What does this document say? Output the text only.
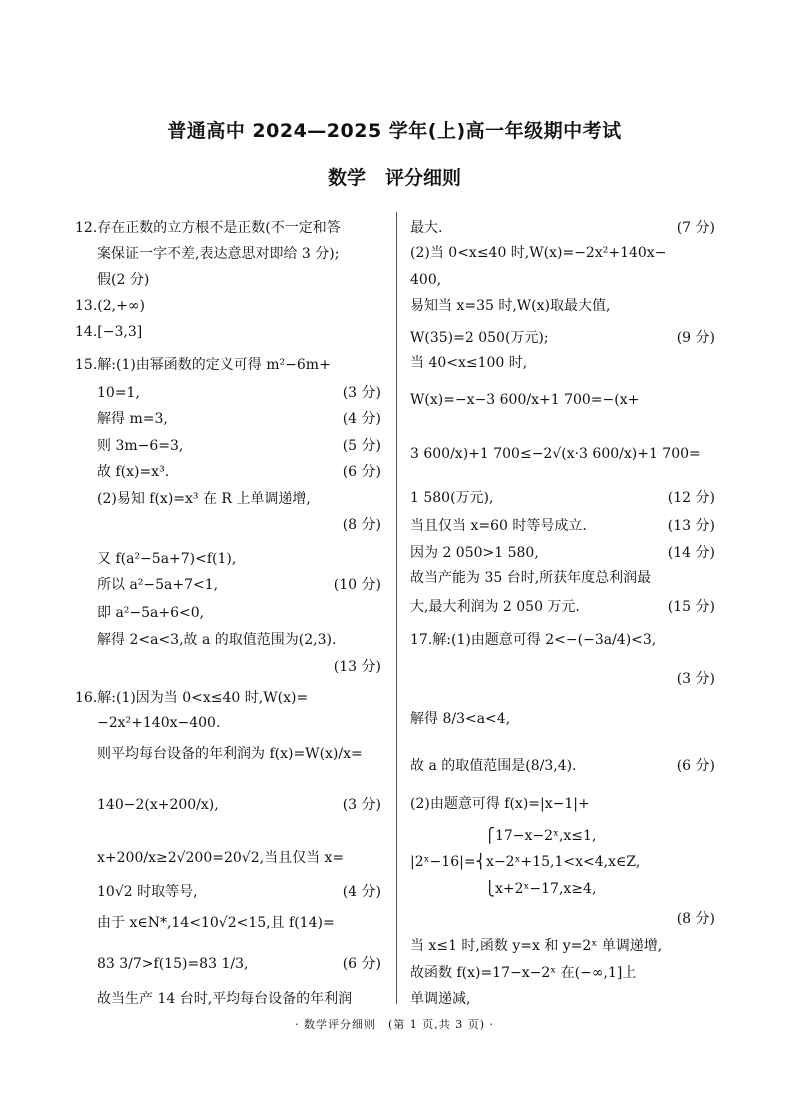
普通高中 2024—2025 学年(上)高一年级期中考试
数学　评分细则
12.存在正数的立方根不是正数(不一定和答
案保证一字不差,表达意思对即给 3 分);
假(2 分)
13.(2,+∞)
14.[−3,3]
15.解:(1)由幂函数的定义可得 m²−6m+
10=1,	(3 分)
解得 m=3,	(4 分)
则 3m−6=3,	(5 分)
故 f(x)=x³.	(6 分)
(2)易知 f(x)=x³ 在 R 上单调递增,
(8 分)
又 f(a²−5a+7)<f(1),
所以 a²−5a+7<1,	(10 分)
即 a²−5a+6<0,
解得 2<a<3,故 a 的取值范围为(2,3).
(13 分)
16.解:(1)因为当 0<x≤40 时,W(x)=
−2x²+140x−400.
则平均每台设备的年利润为 f(x)=W(x)/x=
140−2(x+200/x),	(3 分)
x+200/x≥2√200=20√2,当且仅当 x=
10√2 时取等号,	(4 分)
由于 x∈N*,14<10√2<15,且 f(14)=
83 3/7>f(15)=83 1/3,	(6 分)
故当生产 14 台时,平均每台设备的年利润
最大.	(7 分)
(2)当 0<x≤40 时,W(x)=−2x²+140x−
400,
易知当 x=35 时,W(x)取最大值,
W(35)=2 050(万元);	(9 分)
当 40<x≤100 时,
W(x)=−x−3 600/x+1 700=−(x+
3 600/x)+1 700≤−2√(x·3 600/x)+1 700=
1 580(万元),	(12 分)
当且仅当 x=60 时等号成立.	(13 分)
因为 2 050>1 580,	(14 分)
故当产能为 35 台时,所获年度总利润最
大,最大利润为 2 050 万元.	(15 分)
17.解:(1)由题意可得 2<−(−3a/4)<3,
(3 分)
解得 8/3<a<4,
故 a 的取值范围是(8/3,4).	(6 分)
(2)由题意可得 f(x)=|x−1|+
　　　　　 ⎧17−x−2ˣ,x≤1,
|2ˣ−16|=⎨x−2ˣ+15,1<x<4,x∈Z,
　　　　　 ⎩x+2ˣ−17,x≥4,
(8 分)
当 x≤1 时,函数 y=x 和 y=2ˣ 单调递增,
故函数 f(x)=17−x−2ˣ 在(−∞,1]上
单调递减,
· 数学评分细则　(第 1 页,共 3 页) ·
